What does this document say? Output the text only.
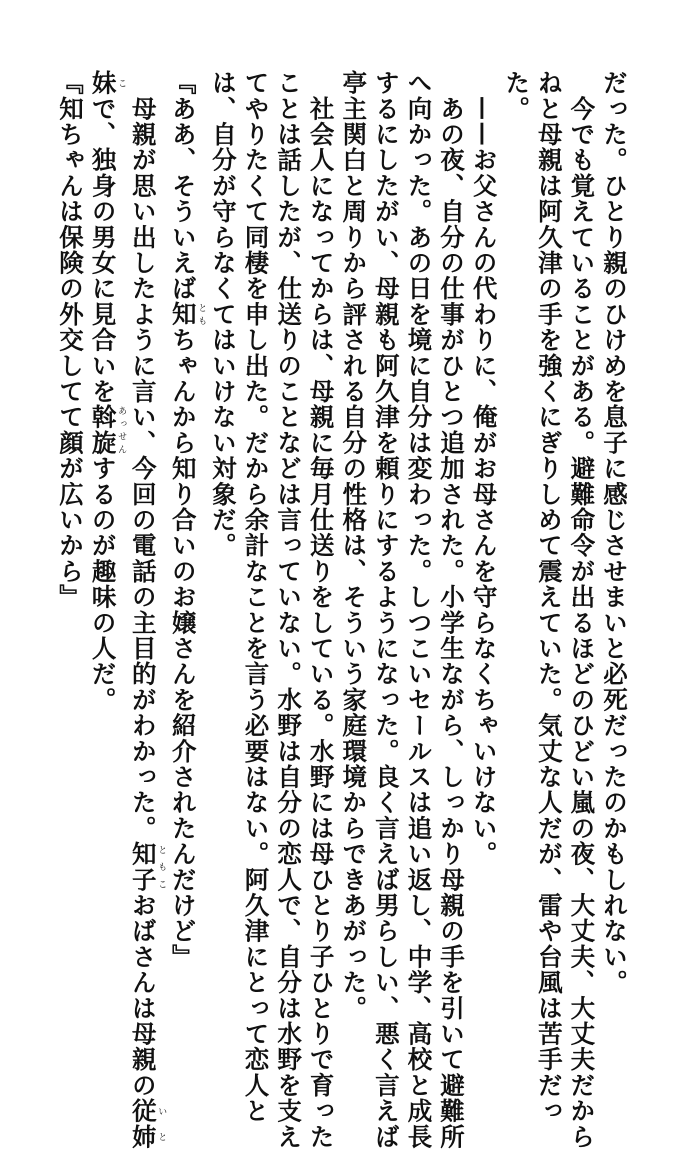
だった。ひとり親のひけめを息子に感じさせまいと必死だったのかもしれない。
　今でも覚えていることがある。避難命令が出るほどのひどい嵐の夜、大丈夫、大丈夫だから
ねと母親は阿久津の手を強くにぎりしめて震えていた。気丈な人だが、雷や台風は苦手だっ
た。
　——お父さんの代わりに、俺がお母さんを守らなくちゃいけない。
　あの夜、自分の仕事がひとつ追加された。小学生ながら、しっかり母親の手を引いて避難所
へ向かった。あの日を境に自分は変わった。しつこいセールスは追い返し、中学、高校と成長
するにしたがい、母親も阿久津を頼りにするようになった。良く言えば男らしい、悪く言えば
亭主関白と周りから評される自分の性格は、そういう家庭環境からできあがった。
　社会人になってからは、母親に毎月仕送りをしている。水野には母ひとり子ひとりで育った
ことは話したが、仕送りのことなどは言っていない。水野は自分の恋人で、自分は水野を支え
てやりたくて同棲を申し出た。だから余計なことを言う必要はない。阿久津にとって恋人と
は、自分が守らなくてはいけない対象だ。
『ああ、そういえば知ともちゃんから知り合いのお嬢さんを紹介されたんだけど』
　母親が思い出したように言い、今回の電話の主目的がわかった。知子ともこおばさんは母親の従姉いと
妹こで、独身の男女に見合いを斡旋あっせんするのが趣味の人だ。
『知ちゃんは保険の外交してて顔が広いから』
